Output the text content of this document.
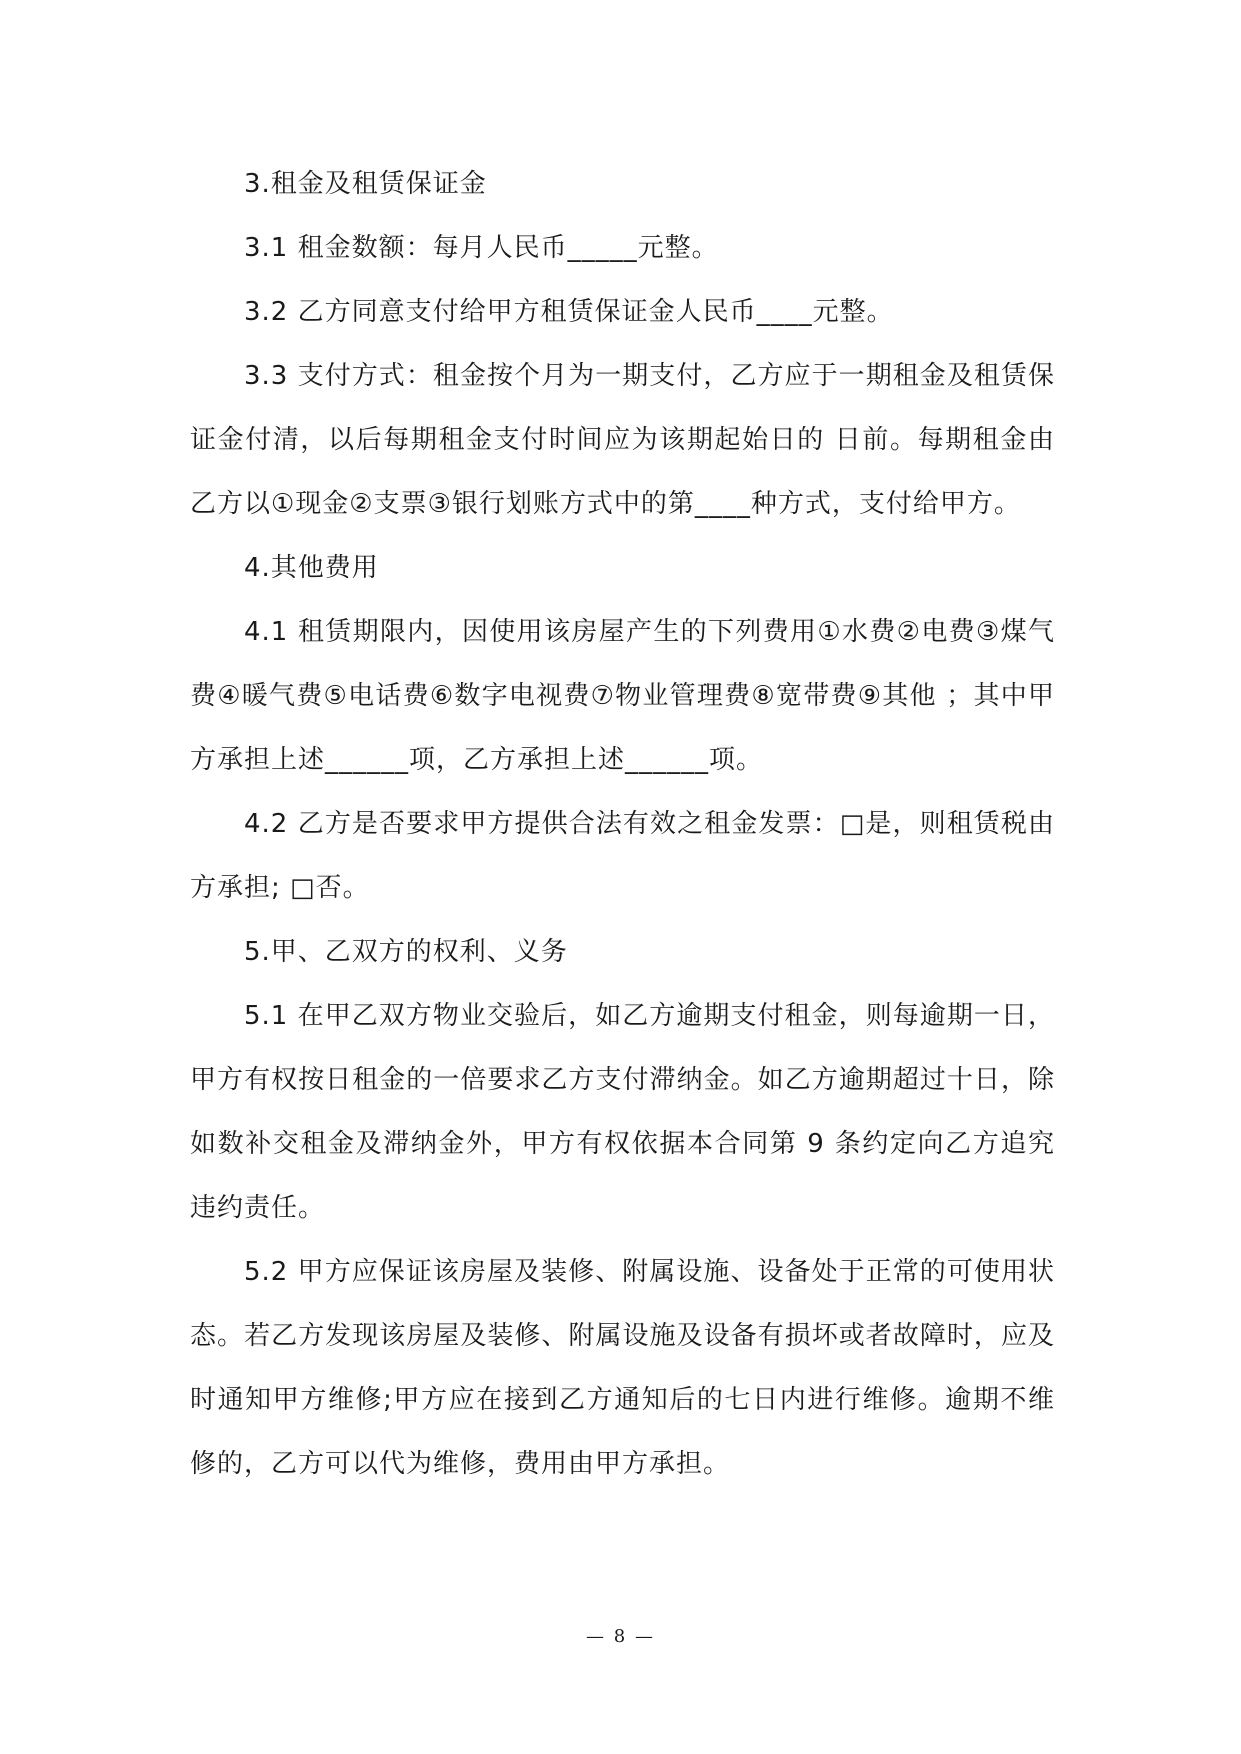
3.租金及租赁保证金

3.1 租金数额：每月人民币_____元整。

3.2 乙方同意支付给甲方租赁保证金人民币____元整。

3.3 支付方式：租金按个月为一期支付，乙方应于一期租金及租赁保证金付清，以后每期租金支付时间应为该期起始日的 日前。每期租金由乙方以①现金②支票③银行划账方式中的第____种方式，支付给甲方。

4.其他费用

4.1 租赁期限内，因使用该房屋产生的下列费用①水费②电费③煤气费④暖气费⑤电话费⑥数字电视费⑦物业管理费⑧宽带费⑨其他 ；其中甲方承担上述______项，乙方承担上述______项。

4.2 乙方是否要求甲方提供合法有效之租金发票：□是，则租赁税由方承担; □否。

5.甲、乙双方的权利、义务

5.1 在甲乙双方物业交验后，如乙方逾期支付租金，则每逾期一日，甲方有权按日租金的一倍要求乙方支付滞纳金。如乙方逾期超过十日，除如数补交租金及滞纳金外，甲方有权依据本合同第 9 条约定向乙方追究违约责任。

5.2 甲方应保证该房屋及装修、附属设施、设备处于正常的可使用状态。若乙方发现该房屋及装修、附属设施及设备有损坏或者故障时，应及时通知甲方维修;甲方应在接到乙方通知后的七日内进行维修。逾期不维修的，乙方可以代为维修，费用由甲方承担。

— 8 —
